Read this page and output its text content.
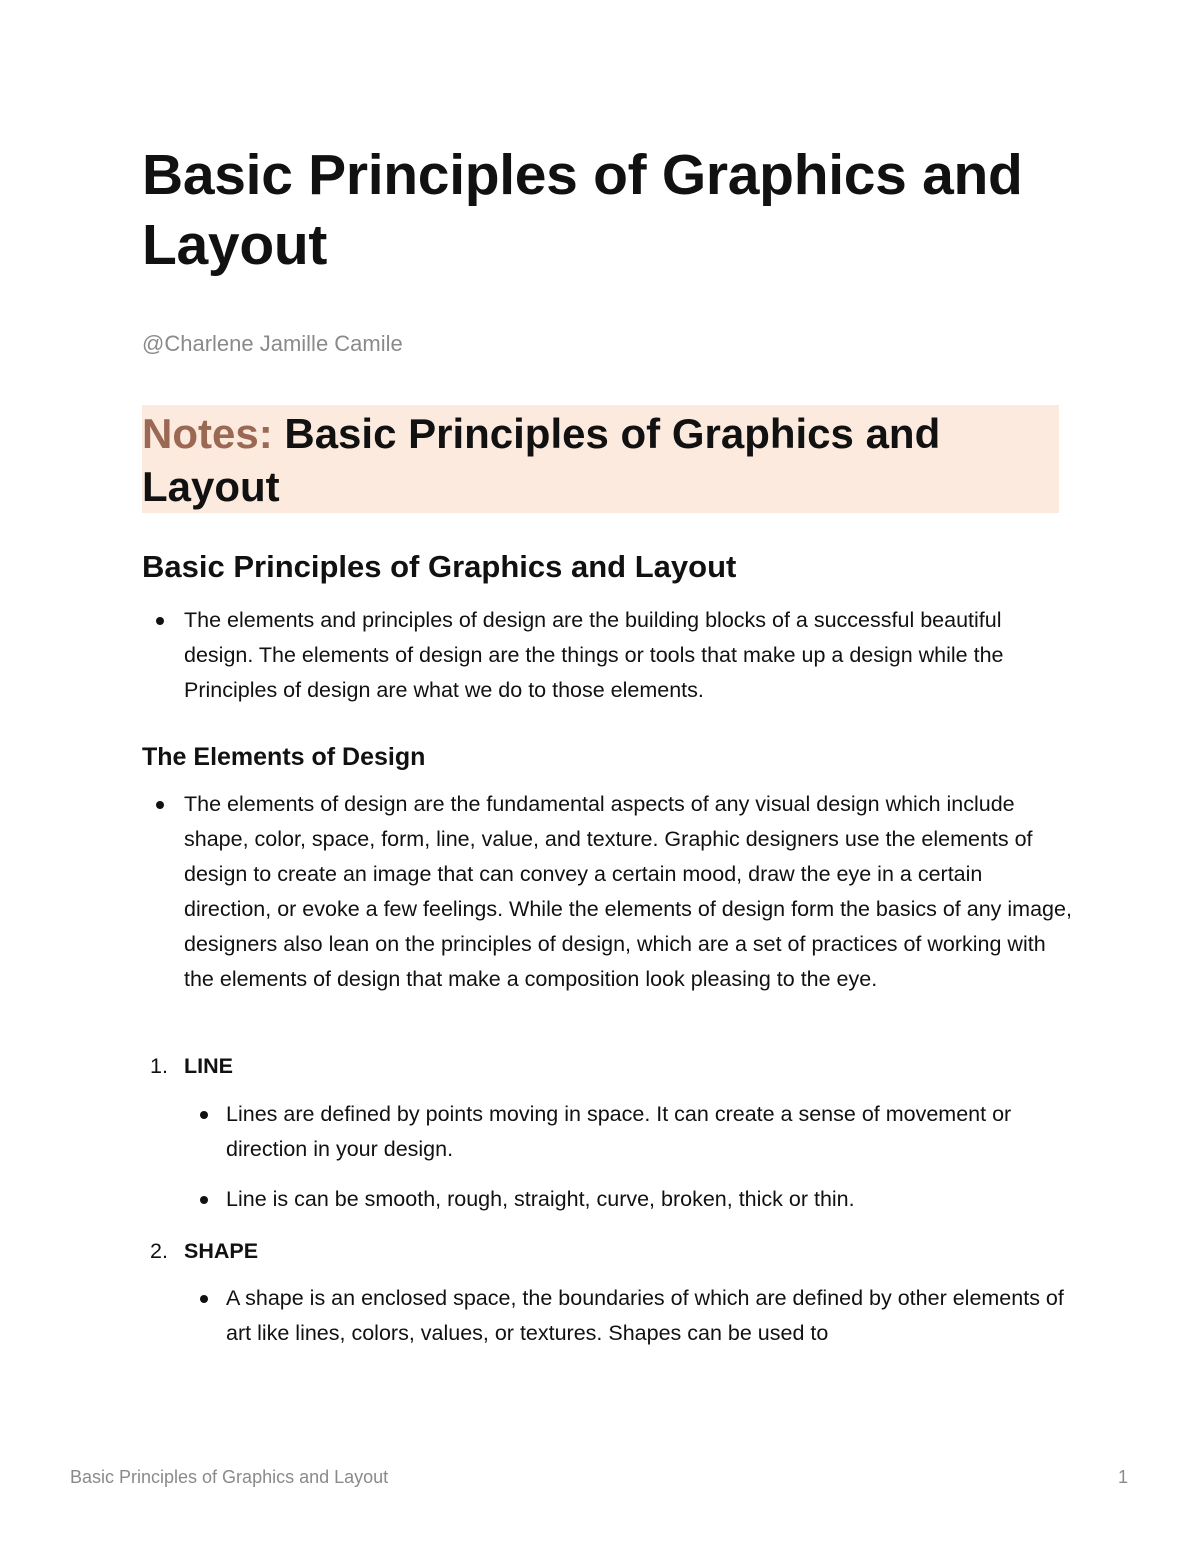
Basic Principles of Graphics and Layout

@Charlene Jamille Camile

Notes: Basic Principles of Graphics and Layout

Basic Principles of Graphics and Layout

The elements and principles of design are the building blocks of a successful beautiful design. The elements of design are the things or tools that make up a design while the Principles of design are what we do to those elements.

The Elements of Design

The elements of design are the fundamental aspects of any visual design which include shape, color, space, form, line, value, and texture. Graphic designers use the elements of design to create an image that can convey a certain mood, draw the eye in a certain direction, or evoke a few feelings. While the elements of design form the basics of any image, designers also lean on the principles of design, which are a set of practices of working with the elements of design that make a composition look pleasing to the eye.

1. LINE

Lines are defined by points moving in space. It can create a sense of movement or direction in your design.

Line is can be smooth, rough, straight, curve, broken, thick or thin.

2. SHAPE

A shape is an enclosed space, the boundaries of which are defined by other elements of art like lines, colors, values, or textures. Shapes can be used to

Basic Principles of Graphics and Layout	1
